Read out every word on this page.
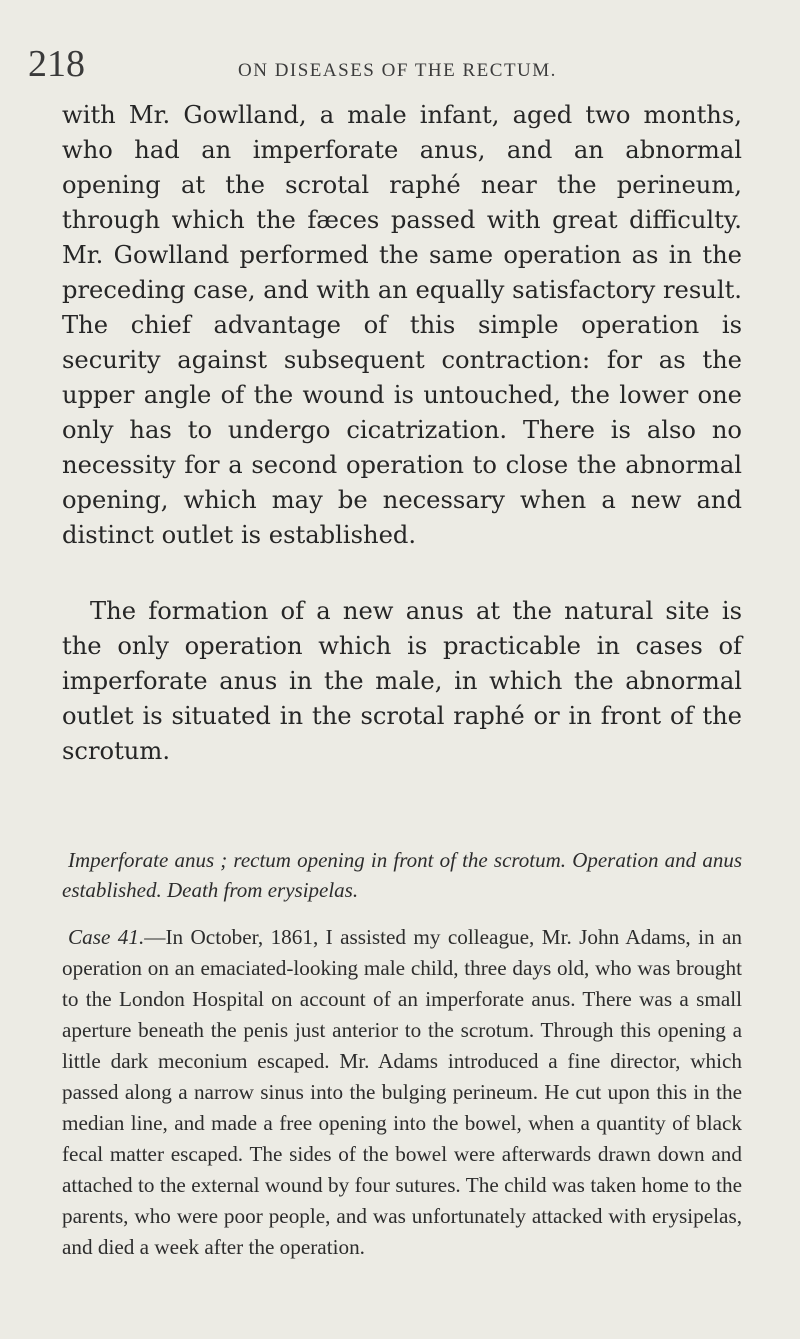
218	ON DISEASES OF THE RECTUM.

with Mr. Gowlland, a male infant, aged two months, who had an imperforate anus, and an abnormal opening at the scrotal raphé near the perineum, through which the fæces passed with great difficulty. Mr. Gowlland performed the same operation as in the preceding case, and with an equally satisfactory result. The chief advantage of this simple operation is security against subsequent contraction: for as the upper angle of the wound is untouched, the lower one only has to undergo cicatrization. There is also no necessity for a second operation to close the abnormal opening, which may be necessary when a new and distinct outlet is established.

The formation of a new anus at the natural site is the only operation which is practicable in cases of imperforate anus in the male, in which the abnormal outlet is situated in the scrotal raphé or in front of the scrotum.

Imperforate anus ; rectum opening in front of the scrotum. Operation and anus established. Death from erysipelas.

Case 41.—In October, 1861, I assisted my colleague, Mr. John Adams, in an operation on an emaciated-looking male child, three days old, who was brought to the London Hospital on account of an imperforate anus. There was a small aperture beneath the penis just anterior to the scrotum. Through this opening a little dark meconium escaped. Mr. Adams introduced a fine director, which passed along a narrow sinus into the bulging perineum. He cut upon this in the median line, and made a free opening into the bowel, when a quantity of black fecal matter escaped. The sides of the bowel were afterwards drawn down and attached to the external wound by four sutures. The child was taken home to the parents, who were poor people, and was unfortunately attacked with erysipelas, and died a week after the operation.
